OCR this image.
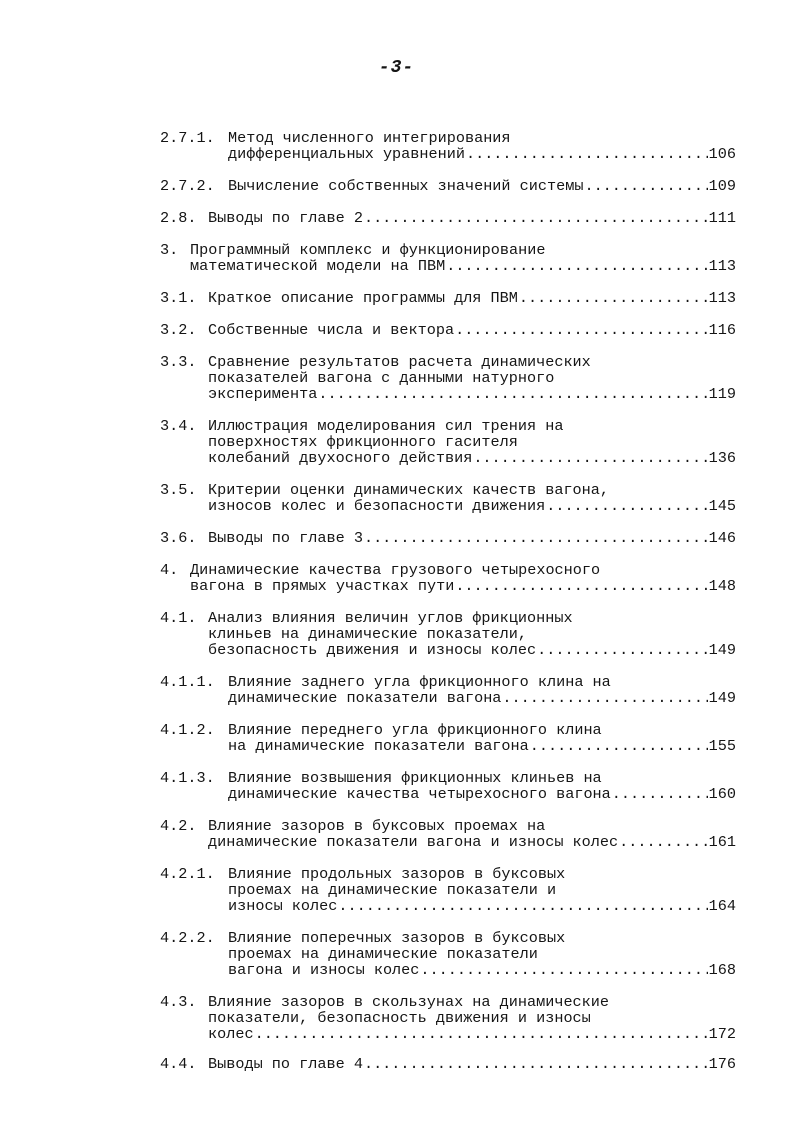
-3-
2.7.1. Метод численного интегрирования
дифференциальных уравнений .....	106
2.7.2. Вычисление собственных значений системы .....	109
2.8. Выводы по главе 2 .....	111
3. Программный комплекс и функционирование
математической модели на ПВМ .....	113
3.1. Краткое описание программы для ПВМ .....	113
3.2. Собственные числа и вектора .....	116
3.3. Сравнение результатов расчета динамических
показателей вагона с данными натурного
эксперимента .....	119
3.4. Иллюстрация моделирования сил трения на
поверхностях фрикционного гасителя
колебаний двухосного действия .....	136
3.5. Критерии оценки динамических качеств вагона,
износов колес и безопасности движения .....	145
3.6. Выводы по главе 3 .....	146
4. Динамические качества грузового четырехосного
вагона в прямых участках пути .....	148
4.1. Анализ влияния величин углов фрикционных
клиньев на динамические показатели,
безопасность движения и износы колес .....	149
4.1.1. Влияние заднего угла фрикционного клина на
динамические показатели вагона .....	149
4.1.2. Влияние переднего угла фрикционного клина
на динамические показатели вагона .....	155
4.1.3. Влияние возвышения фрикционных клиньев на
динамические качества четырехосного вагона .....	160
4.2. Влияние зазоров в буксовых проемах на
динамические показатели вагона и износы колес .....	161
4.2.1. Влияние продольных зазоров в буксовых
проемах на динамические показатели и
износы колес .....	164
4.2.2. Влияние поперечных зазоров в буксовых
проемах на динамические показатели
вагона и износы колес .....	168
4.3. Влияние зазоров в скользунах на динамические
показатели, безопасность движения и износы
колес .....	172
4.4. Выводы по главе 4 .....	176
